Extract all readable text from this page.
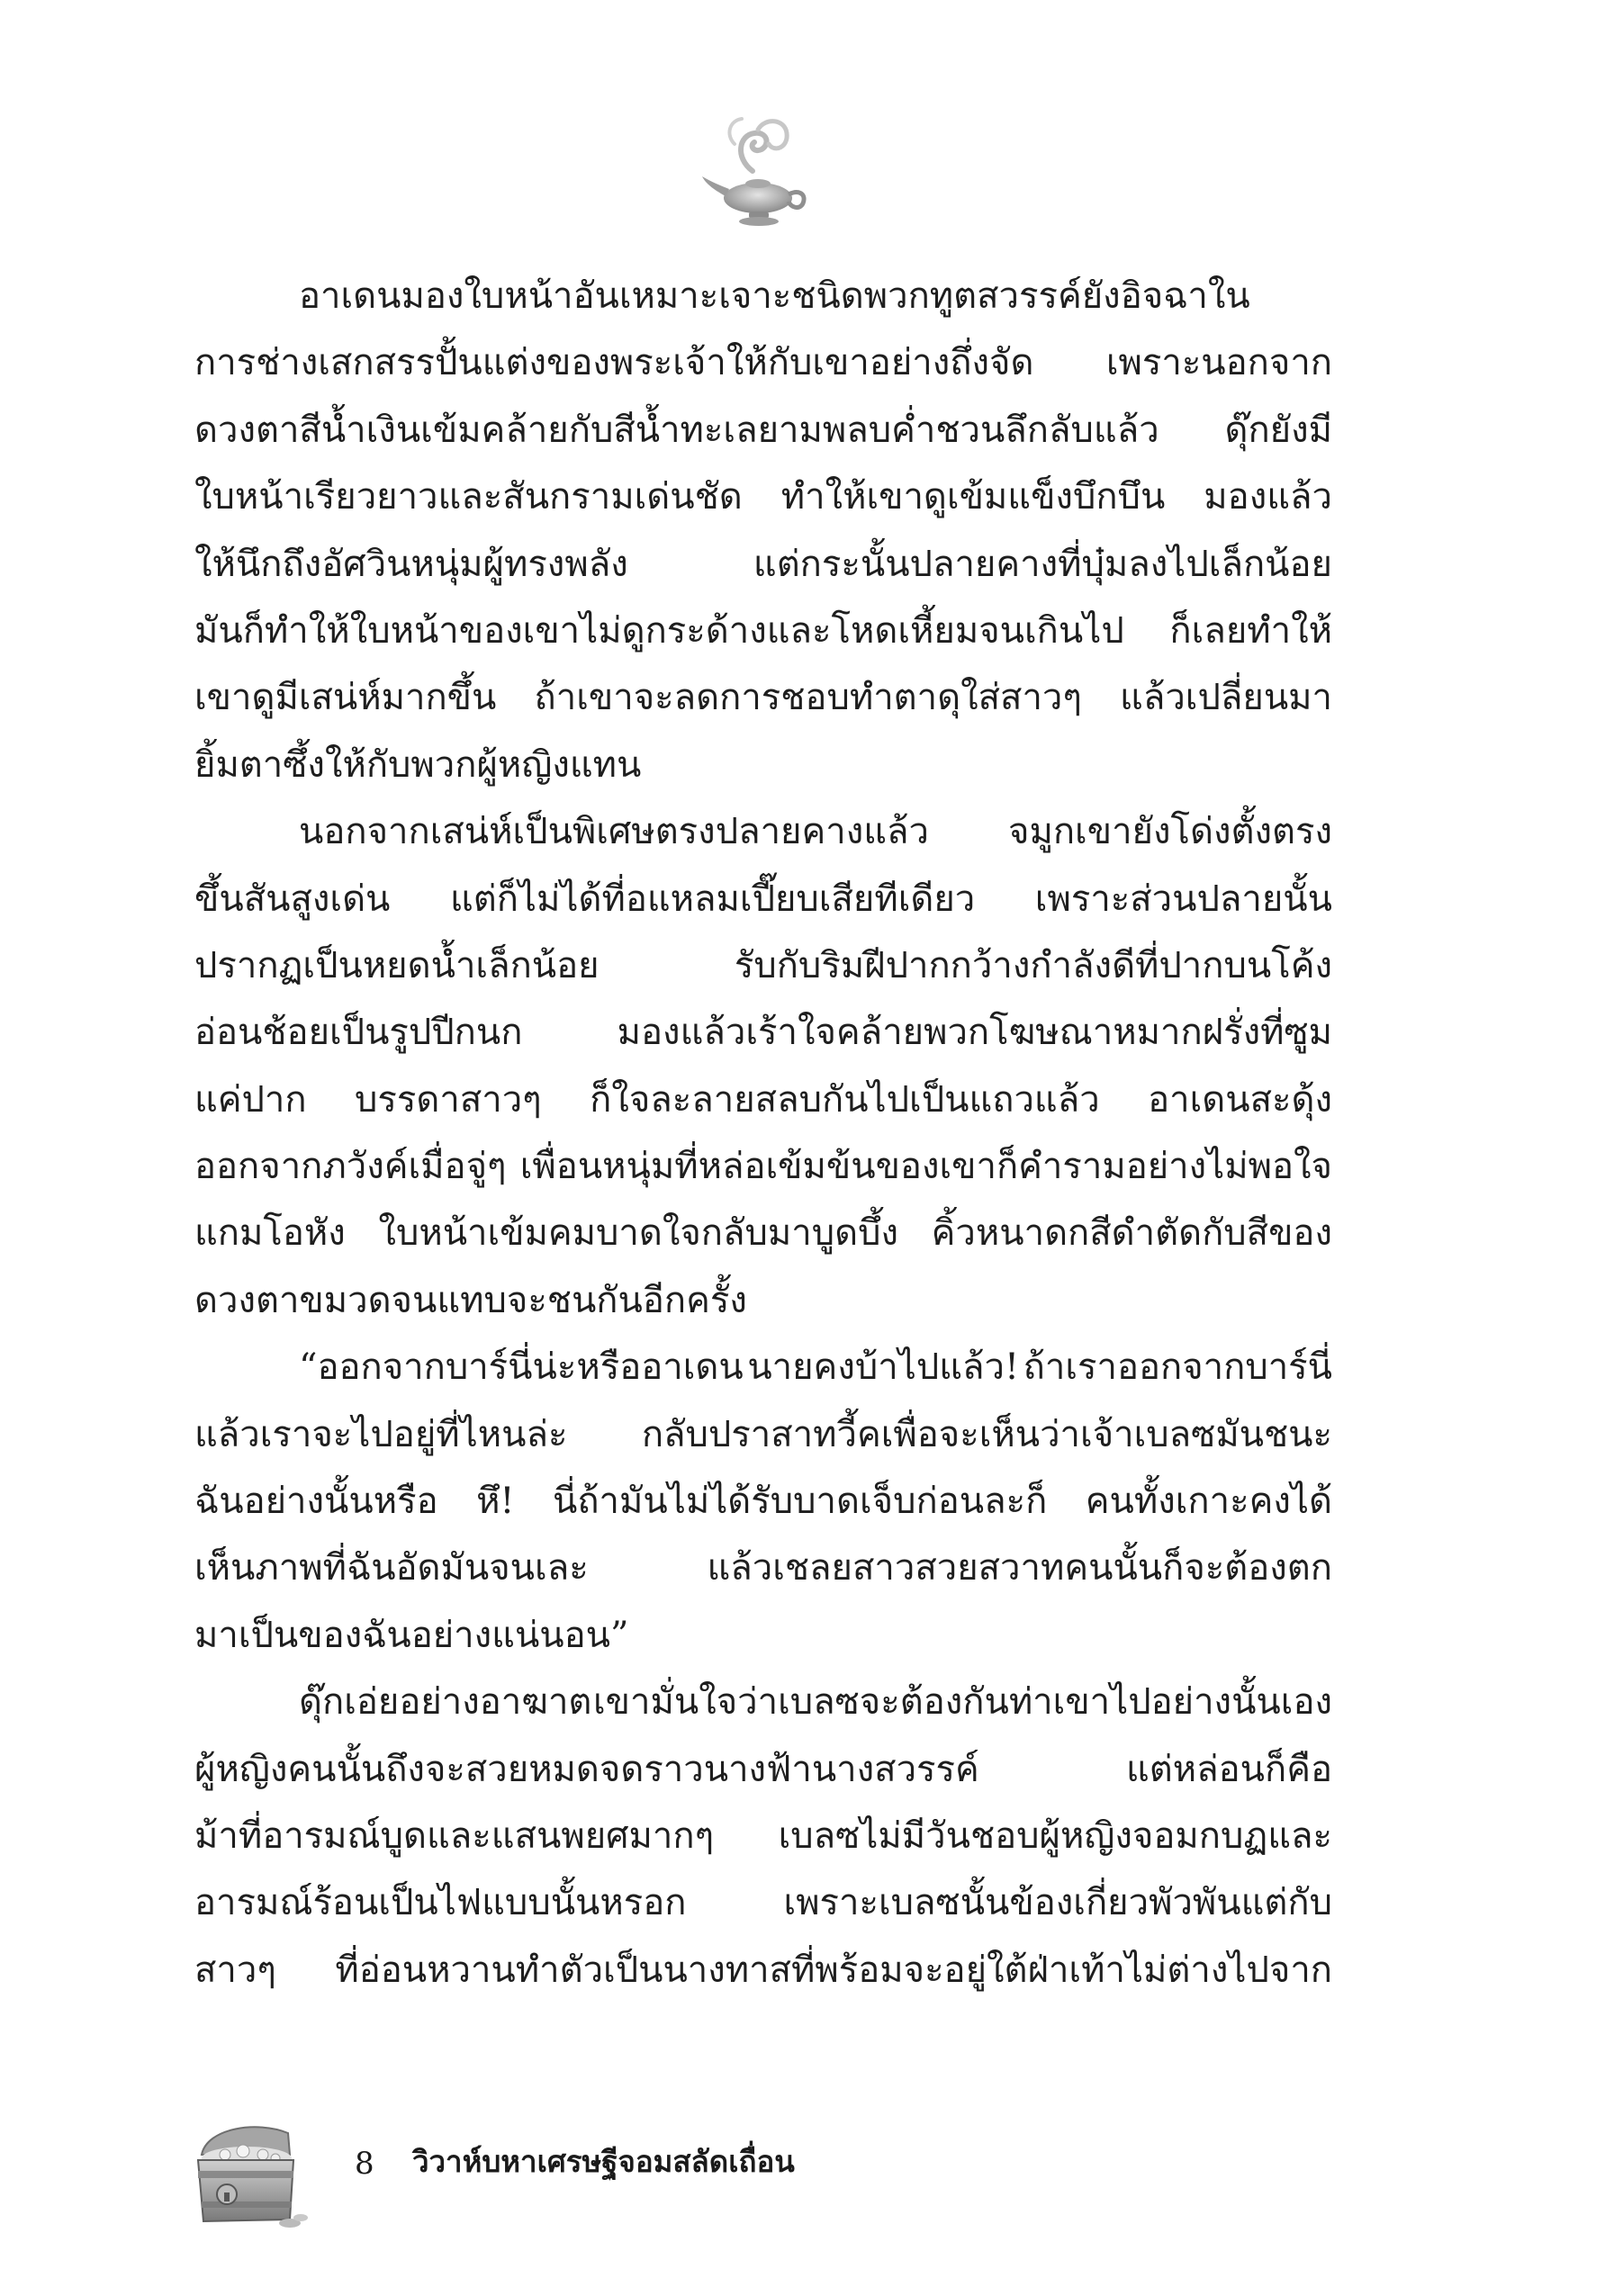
อาเดนมองใบหน้าอันเหมาะเจาะชนิดพวกทูตสวรรค์ยังอิจฉาใน
การช่างเสกสรรปั้นแต่งของพระเจ้าให้กับเขาอย่างถึ่งจัด เพราะนอกจาก
ดวงตาสีน้ำเงินเข้มคล้ายกับสีน้ำทะเลยามพลบค่ำชวนลึกลับแล้ว ดุ๊กยังมี
ใบหน้าเรียวยาวและสันกรามเด่นชัด ทำให้เขาดูเข้มแข็งบึกบึน มองแล้ว
ให้นึกถึงอัศวินหนุ่มผู้ทรงพลัง	แต่กระนั้นปลายคางที่บุ๋มลงไปเล็กน้อย
มันก็ทำให้ใบหน้าของเขาไม่ดูกระด้างและโหดเหี้ยมจนเกินไป ก็เลยทำให้
เขาดูมีเสน่ห์มากขึ้น ถ้าเขาจะลดการชอบทำตาดุใส่สาวๆ แล้วเปลี่ยนมา
ยิ้มตาซึ้งให้กับพวกผู้หญิงแทน
นอกจากเสน่ห์เป็นพิเศษตรงปลายคางแล้ว จมูกเขายังโด่งตั้งตรง
ขึ้นสันสูงเด่น แต่ก็ไม่ได้ที่อแหลมเปี๊ยบเสียทีเดียว เพราะส่วนปลายนั้น
ปรากฏเป็นหยดน้ำเล็กน้อย	รับกับริมฝีปากกว้างกำลังดีที่ปากบนโค้ง
อ่อนช้อยเป็นรูปปีกนก	มองแล้วเร้าใจคล้ายพวกโฆษณาหมากฝรั่งที่ซูม
แค่ปาก บรรดาสาวๆ ก็ใจละลายสลบกันไปเป็นแถวแล้ว อาเดนสะดุ้ง
ออกจากภวังค์เมื่อจู่ๆ เพื่อนหนุ่มที่หล่อเข้มข้นของเขาก็คำรามอย่างไม่พอใจ
แกมโอหัง ใบหน้าเข้มคมบาดใจกลับมาบูดบึ้ง คิ้วหนาดกสีดำตัดกับสีของ
ดวงตาขมวดจนแทบจะชนกันอีกครั้ง
“ออกจากบาร์นี่น่ะหรืออาเดน นายคงบ้าไปแล้ว! ถ้าเราออกจากบาร์นี่
แล้วเราจะไปอยู่ที่ไหนล่ะ กลับปราสาทวี้คเพื่อจะเห็นว่าเจ้าเบลซมันชนะ
ฉันอย่างนั้นหรือ หึ! นี่ถ้ามันไม่ได้รับบาดเจ็บก่อนละก็ คนทั้งเกาะคงได้
เห็นภาพที่ฉันอัดมันจนเละ	แล้วเชลยสาวสวยสวาทคนนั้นก็จะต้องตก
มาเป็นของฉันอย่างแน่นอน”
ดุ๊กเอ่ยอย่างอาฆาต เขามั่นใจว่าเบลซจะต้องกันท่าเขาไปอย่างนั้นเอง
ผู้หญิงคนนั้นถึงจะสวยหมดจดราวนางฟ้านางสวรรค์	แต่หล่อนก็คือ
ม้าที่อารมณ์บูดและแสนพยศมากๆ เบลซไม่มีวันชอบผู้หญิงจอมกบฏและ
อารมณ์ร้อนเป็นไฟแบบนั้นหรอก	เพราะเบลซนั้นข้องเกี่ยวพัวพันแต่กับ
สาวๆ ที่อ่อนหวานทำตัวเป็นนางทาสที่พร้อมจะอยู่ใต้ฝ่าเท้าไม่ต่างไปจาก
8 วิวาห์บหาเศรษฐีจอมสลัดเถื่อน
